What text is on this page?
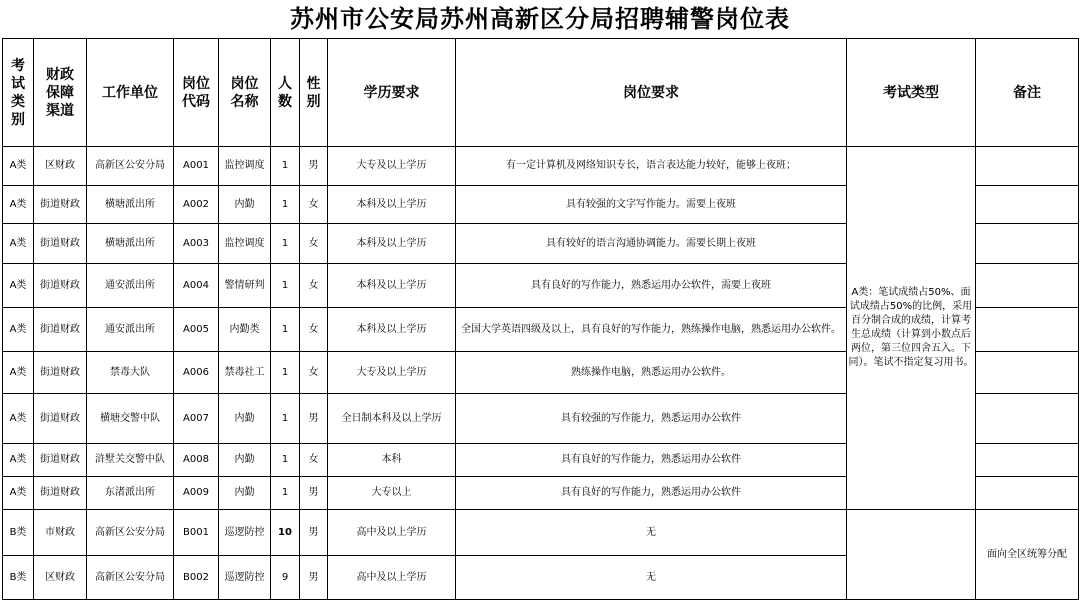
苏州市公安局苏州高新区分局招聘辅警岗位表
考试类别	财政保障渠道	工作单位	岗位代码	岗位名称	人数	性别	学历要求	岗位要求	考试类型	备注
A类	区财政	高新区公安分局	A001	监控调度	1	男	大专及以上学历	有一定计算机及网络知识专长，语言表达能力较好，能够上夜班；	A类：笔试成绩占50%、面试成绩占50%的比例，采用百分制合成的成绩，计算考生总成绩（计算到小数点后两位，第三位四舍五入。下同）。笔试不指定复习用书。	
A类	街道财政	横塘派出所	A002	内勤	1	女	本科及以上学历	具有较强的文字写作能力。需要上夜班		
A类	街道财政	横塘派出所	A003	监控调度	1	女	本科及以上学历	具有较好的语言沟通协调能力。需要长期上夜班		
A类	街道财政	通安派出所	A004	警情研判	1	女	本科及以上学历	具有良好的写作能力，熟悉运用办公软件，需要上夜班		
A类	街道财政	通安派出所	A005	内勤类	1	女	本科及以上学历	全国大学英语四级及以上，具有良好的写作能力，熟练操作电脑，熟悉运用办公软件。		
A类	街道财政	禁毒大队	A006	禁毒社工	1	女	大专及以上学历	熟练操作电脑，熟悉运用办公软件。		
A类	街道财政	横塘交警中队	A007	内勤	1	男	全日制本科及以上学历	具有较强的写作能力，熟悉运用办公软件		
A类	街道财政	浒墅关交警中队	A008	内勤	1	女	本科	具有良好的写作能力，熟悉运用办公软件		
A类	街道财政	东渚派出所	A009	内勤	1	男	大专以上	具有良好的写作能力，熟悉运用办公软件		
B类	市财政	高新区公安分局	B001	巡逻防控	10	男	高中及以上学历	无		面向全区统筹分配
B类	区财政	高新区公安分局	B002	巡逻防控	9	男	高中及以上学历	无		
